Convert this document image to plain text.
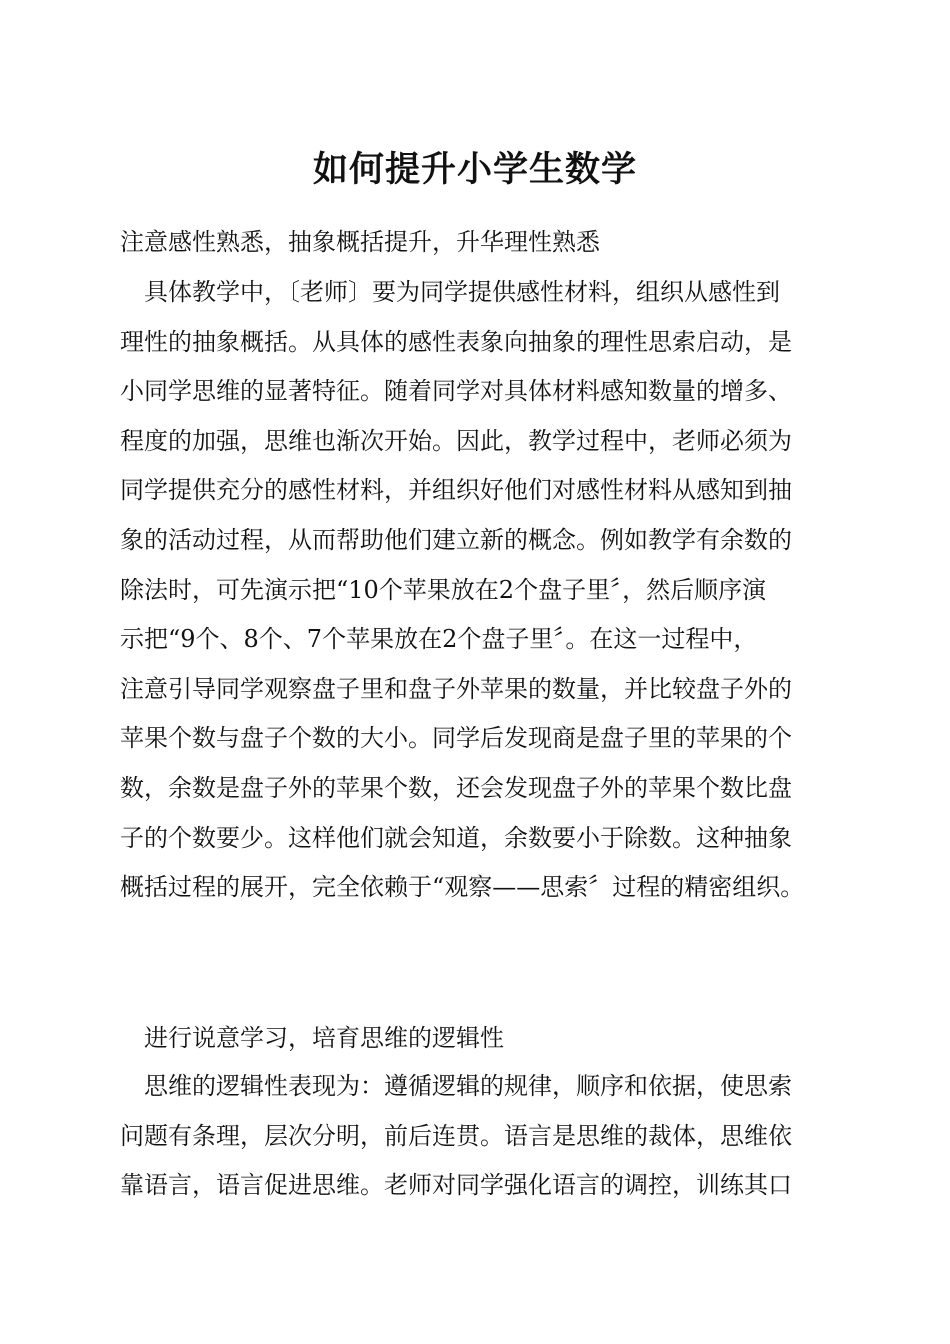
如何提升小学生数学
注意感性熟悉，抽象概括提升，升华理性熟悉
具体教学中，〔老师〕要为同学提供感性材料，组织从感性到
理性的抽象概括。从具体的感性表象向抽象的理性思索启动，是
小同学思维的显著特征。随着同学对具体材料感知数量的增多、
程度的加强，思维也渐次开始。因此，教学过程中，老师必须为
同学提供充分的感性材料，并组织好他们对感性材料从感知到抽
象的活动过程，从而帮助他们建立新的概念。例如教学有余数的
除法时，可先演示把“10个苹果放在2个盘子里〞，然后顺序演
示把“9个、8个、7个苹果放在2个盘子里〞。在这一过程中，
注意引导同学观察盘子里和盘子外苹果的数量，并比较盘子外的
苹果个数与盘子个数的大小。同学后发现商是盘子里的苹果的个
数，余数是盘子外的苹果个数，还会发现盘子外的苹果个数比盘
子的个数要少。这样他们就会知道，余数要小于除数。这种抽象
概括过程的展开，完全依赖于“观察——思索〞过程的精密组织。
进行说意学习，培育思维的逻辑性
思维的逻辑性表现为：遵循逻辑的规律，顺序和依据，使思索
问题有条理，层次分明，前后连贯。语言是思维的裁体，思维依
靠语言，语言促进思维。老师对同学强化语言的调控，训练其口
